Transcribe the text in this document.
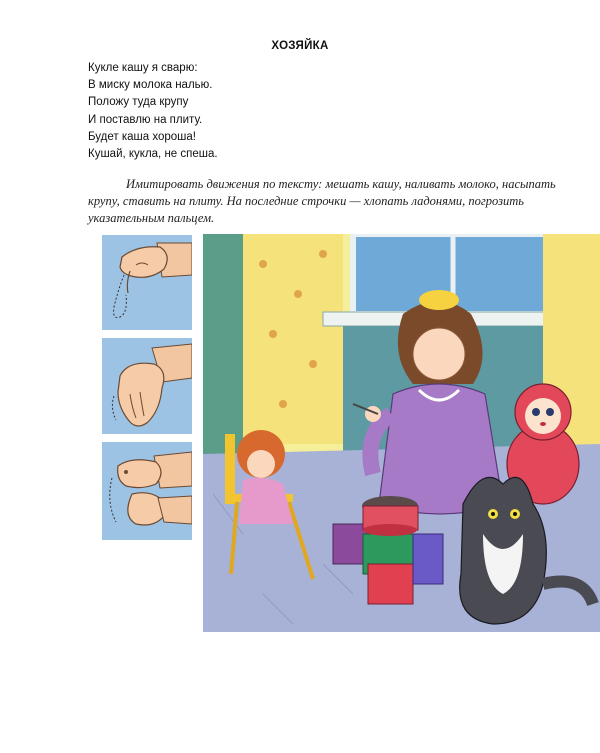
ХОЗЯЙКА
Кукле кашу я сварю:
В миску молока налью.
Положу туда крупу
И поставлю на плиту.
Будет каша хороша!
Кушай, кукла, не спеша.
Имитировать движения по тексту: мешать кашу, наливать молоко, насыпать крупу, ставить на плиту. На последние строчки — хлопать ладонями, погрозить указательным пальцем.
